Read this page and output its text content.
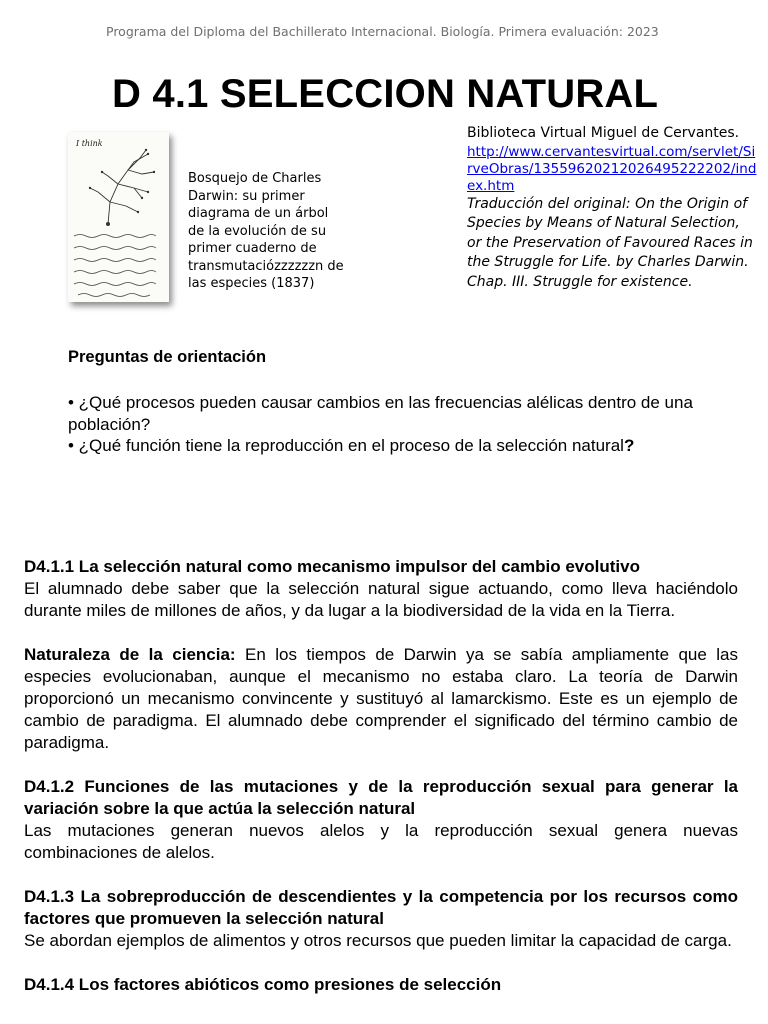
Programa del Diploma del Bachillerato Internacional. Biología. Primera evaluación: 2023
D 4.1 SELECCION NATURAL
I think
Bosquejo de Charles Darwin: su primer diagrama de un árbol de la evolución de su primer cuaderno de transmutaciózzzzzzn de las especies (1837)
Biblioteca Virtual Miguel de Cervantes.
http://www.cervantesvirtual.com/servlet/SirveObras/13559620212026495222202/index.htm
Traducción del original: On the Origin of Species by Means of Natural Selection, or the Preservation of Favoured Races in the Struggle for Life. by Charles Darwin. Chap. III. Struggle for existence.
Preguntas de orientación

• ¿Qué procesos pueden causar cambios en las frecuencias alélicas dentro de una población?

• ¿Qué función tiene la reproducción en el proceso de la selección natural?

D4.1.1 La selección natural como mecanismo impulsor del cambio evolutivo
El alumnado debe saber que la selección natural sigue actuando, como lleva haciéndolo durante miles de millones de años, y da lugar a la biodiversidad de la vida en la Tierra.

Naturaleza de la ciencia: En los tiempos de Darwin ya se sabía ampliamente que las especies evolucionaban, aunque el mecanismo no estaba claro. La teoría de Darwin proporcionó un mecanismo convincente y sustituyó al lamarckismo. Este es un ejemplo de cambio de paradigma. El alumnado debe comprender el significado del término cambio de paradigma.

D4.1.2 Funciones de las mutaciones y de la reproducción sexual para generar la variación sobre la que actúa la selección natural
Las mutaciones generan nuevos alelos y la reproducción sexual genera nuevas combinaciones de alelos.

D4.1.3 La sobreproducción de descendientes y la competencia por los recursos como factores que promueven la selección natural
Se abordan ejemplos de alimentos y otros recursos que pueden limitar la capacidad de carga.

D4.1.4 Los factores abióticos como presiones de selección
